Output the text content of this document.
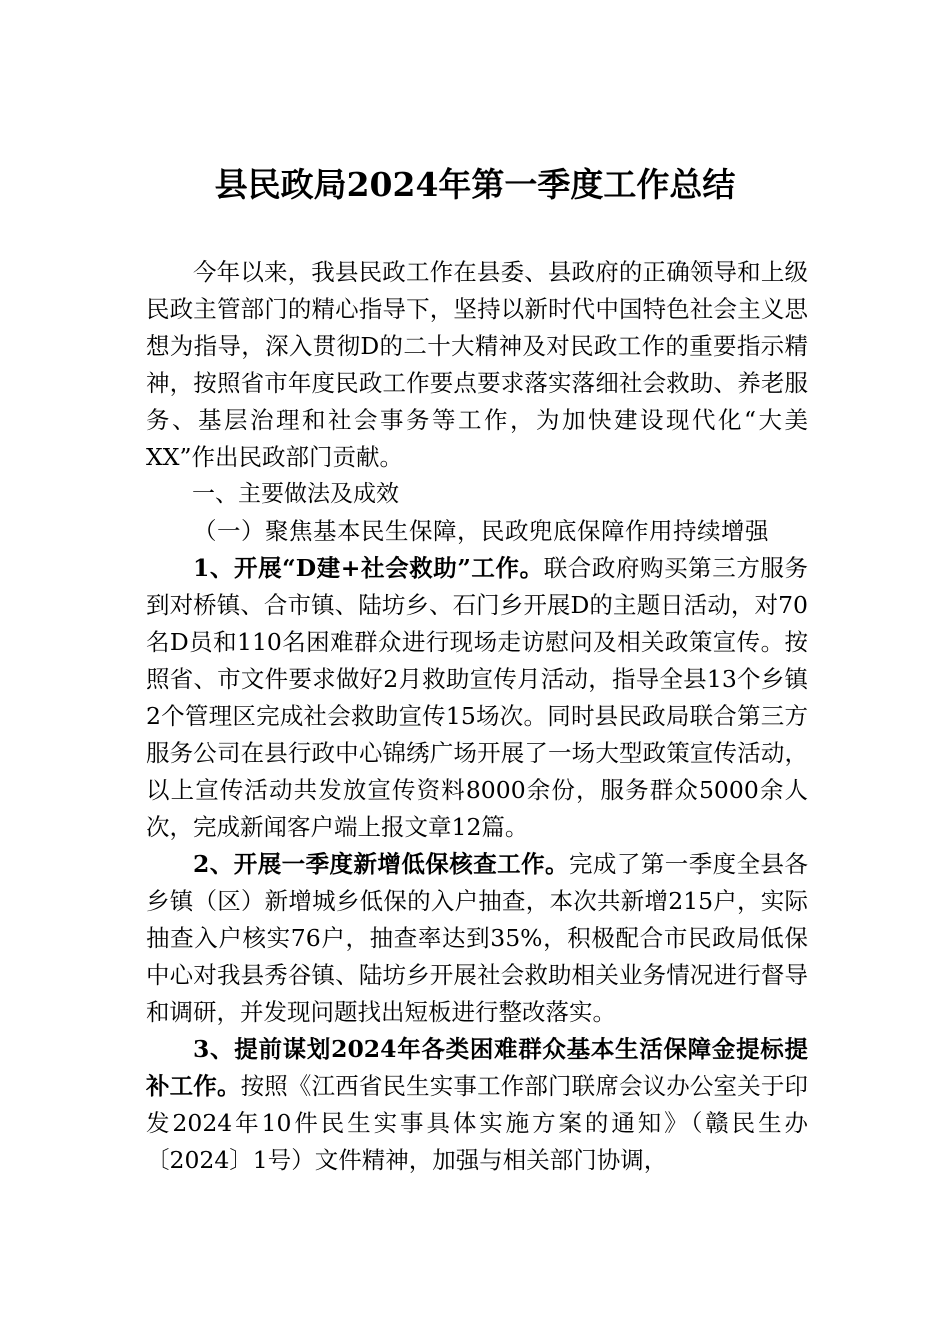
县民政局2024年第一季度工作总结

今年以来，我县民政工作在县委、县政府的正确领导和上级民政主管部门的精心指导下，坚持以新时代中国特色社会主义思想为指导，深入贯彻D的二十大精神及对民政工作的重要指示精神，按照省市年度民政工作要点要求落实落细社会救助、养老服务、基层治理和社会事务等工作，为加快建设现代化“大美XX”作出民政部门贡献。

一、主要做法及成效

（一）聚焦基本民生保障，民政兜底保障作用持续增强

1、开展“D建+社会救助”工作。联合政府购买第三方服务到对桥镇、合市镇、陆坊乡、石门乡开展D的主题日活动，对70名D员和110名困难群众进行现场走访慰问及相关政策宣传。按照省、市文件要求做好2月救助宣传月活动，指导全县13个乡镇2个管理区完成社会救助宣传15场次。同时县民政局联合第三方服务公司在县行政中心锦绣广场开展了一场大型政策宣传活动，以上宣传活动共发放宣传资料8000余份，服务群众5000余人次，完成新闻客户端上报文章12篇。

2、开展一季度新增低保核查工作。完成了第一季度全县各乡镇（区）新增城乡低保的入户抽查，本次共新增215户，实际抽查入户核实76户，抽查率达到35%，积极配合市民政局低保中心对我县秀谷镇、陆坊乡开展社会救助相关业务情况进行督导和调研，并发现问题找出短板进行整改落实。

3、提前谋划2024年各类困难群众基本生活保障金提标提补工作。按照《江西省民生实事工作部门联席会议办公室关于印发2024年10件民生实事具体实施方案的通知》（赣民生办〔2024〕1号）文件精神，加强与相关部门协调，
